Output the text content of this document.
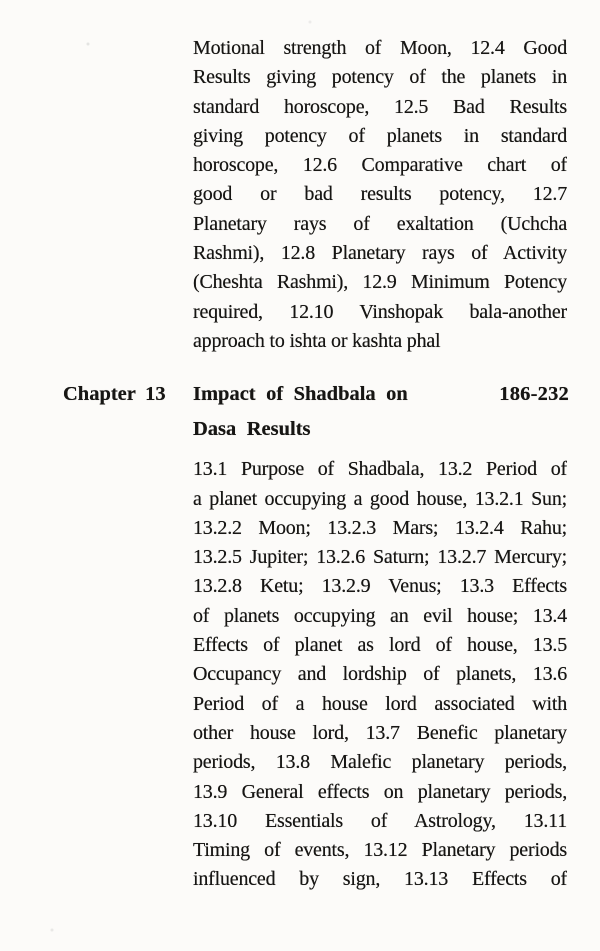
Motional strength of Moon, 12.4 Good
Results giving potency of the planets in
standard horoscope, 12.5 Bad Results
giving potency of planets in standard
horoscope, 12.6 Comparative chart of
good or bad results potency, 12.7
Planetary rays of exaltation (Uchcha
Rashmi), 12.8 Planetary rays of Activity
(Cheshta Rashmi), 12.9 Minimum Potency
required, 12.10 Vinshopak bala-another
approach to ishta or kashta phal
Chapter 13	Impact of Shadbala on	186-232
Dasa Results
13.1 Purpose of Shadbala, 13.2 Period of
a planet occupying a good house, 13.2.1 Sun;
13.2.2 Moon; 13.2.3 Mars; 13.2.4 Rahu;
13.2.5 Jupiter; 13.2.6 Saturn; 13.2.7 Mercury;
13.2.8 Ketu; 13.2.9 Venus; 13.3 Effects
of planets occupying an evil house; 13.4
Effects of planet as lord of house, 13.5
Occupancy and lordship of planets, 13.6
Period of a house lord associated with
other house lord, 13.7 Benefic planetary
periods, 13.8 Malefic planetary periods,
13.9 General effects on planetary periods,
13.10 Essentials of Astrology, 13.11
Timing of events, 13.12 Planetary periods
influenced by sign, 13.13 Effects of
